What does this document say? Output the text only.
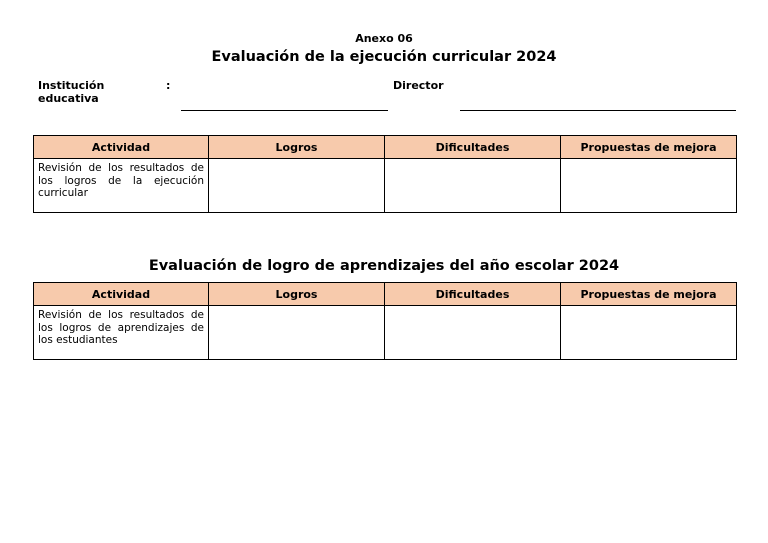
Anexo 06
Evaluación de la ejecución curricular 2024
Institución educativa
:	Director
Actividad	Logros	Dificultades	Propuestas de mejora
Revisión de los resultados de los logros de la ejecución curricular			
Evaluación de logro de aprendizajes del año escolar 2024
Actividad	Logros	Dificultades	Propuestas de mejora
Revisión de los resultados de los logros de aprendizajes de los estudiantes			
